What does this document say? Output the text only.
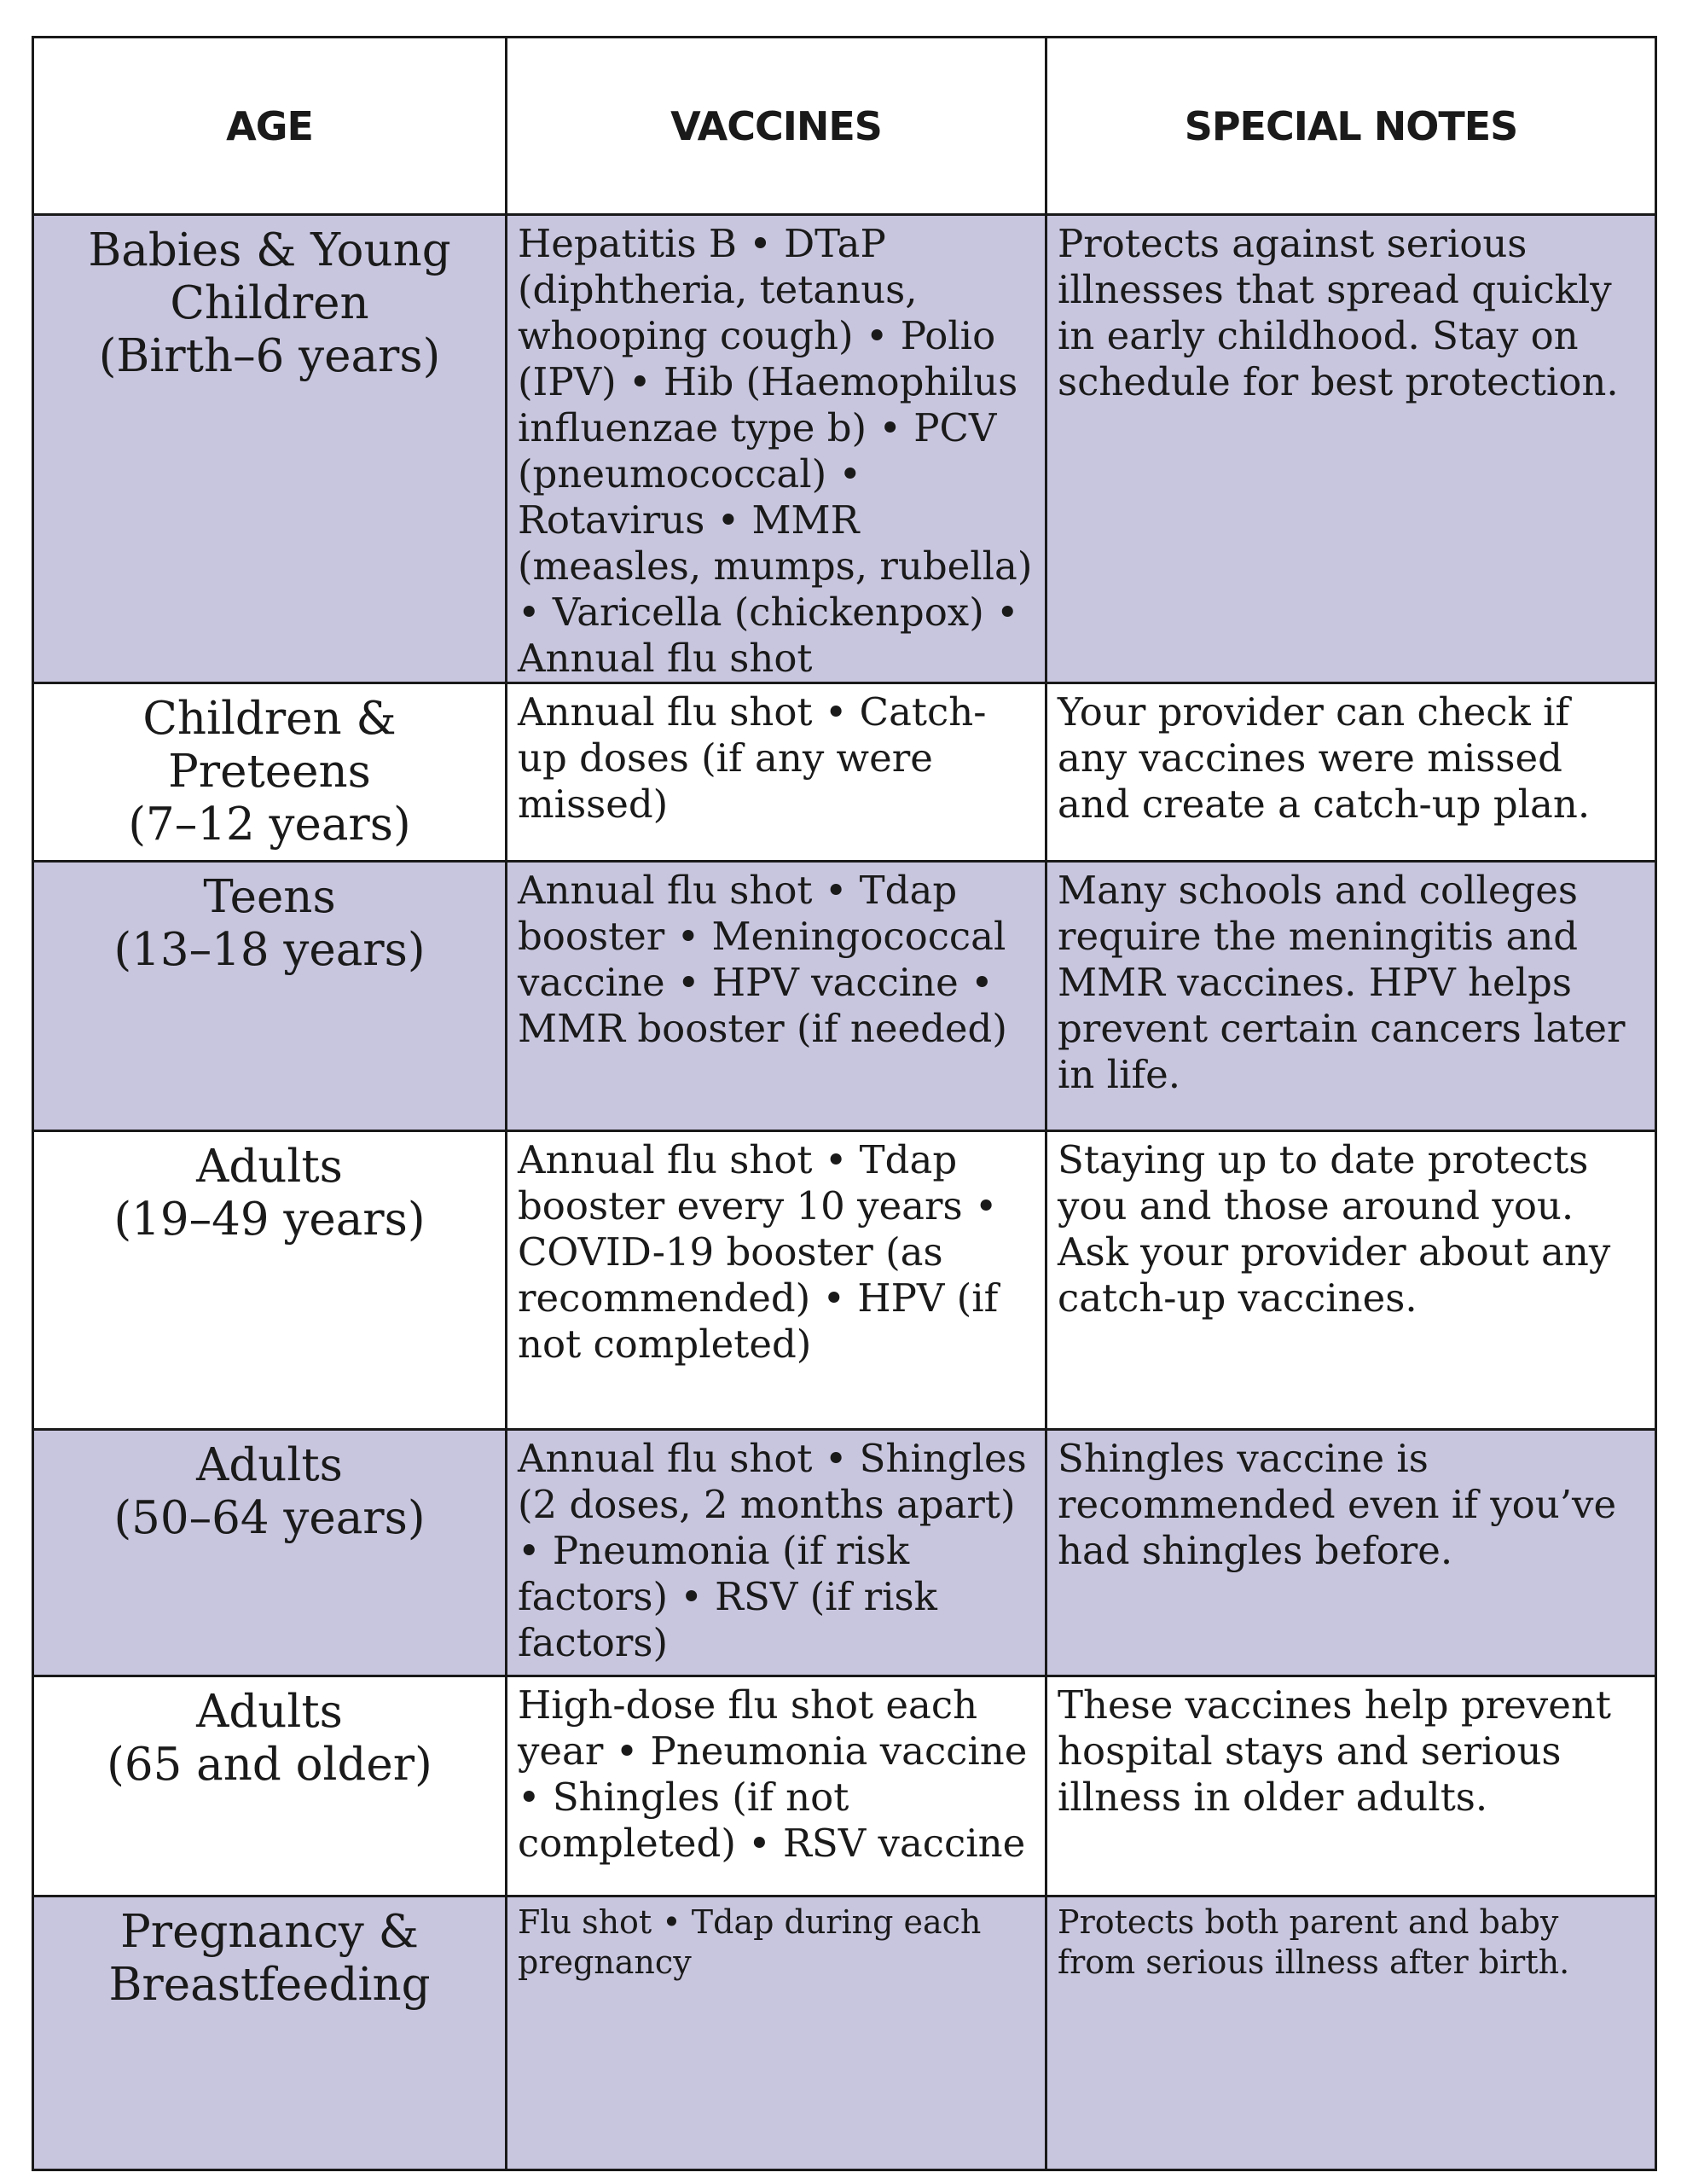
AGE	VACCINES	SPECIAL NOTES

Babies & Young Children
(Birth–6 years)	Hepatitis B • DTaP (diphtheria, tetanus, whooping cough) • Polio (IPV) • Hib (Haemophilus influenzae type b) • PCV (pneumococcal) • Rotavirus • MMR (measles, mumps, rubella) • Varicella (chickenpox) • Annual flu shot	Protects against serious illnesses that spread quickly in early childhood. Stay on schedule for best protection.

Children & Preteens
(7–12 years)	Annual flu shot • Catch-up doses (if any were missed)	Your provider can check if any vaccines were missed and create a catch-up plan.

Teens
(13–18 years)	Annual flu shot • Tdap booster • Meningococcal vaccine • HPV vaccine • MMR booster (if needed)	Many schools and colleges require the meningitis and MMR vaccines. HPV helps prevent certain cancers later in life.

Adults
(19–49 years)	Annual flu shot • Tdap booster every 10 years • COVID-19 booster (as recommended) • HPV (if not completed)	Staying up to date protects you and those around you. Ask your provider about any catch-up vaccines.

Adults
(50–64 years)	Annual flu shot • Shingles (2 doses, 2 months apart) • Pneumonia (if risk factors) • RSV (if risk factors)	Shingles vaccine is recommended even if you’ve had shingles before.

Adults
(65 and older)	High-dose flu shot each year • Pneumonia vaccine • Shingles (if not completed) • RSV vaccine	These vaccines help prevent hospital stays and serious illness in older adults.

Pregnancy &
Breastfeeding	Flu shot • Tdap during each pregnancy	Protects both parent and baby from serious illness after birth.
